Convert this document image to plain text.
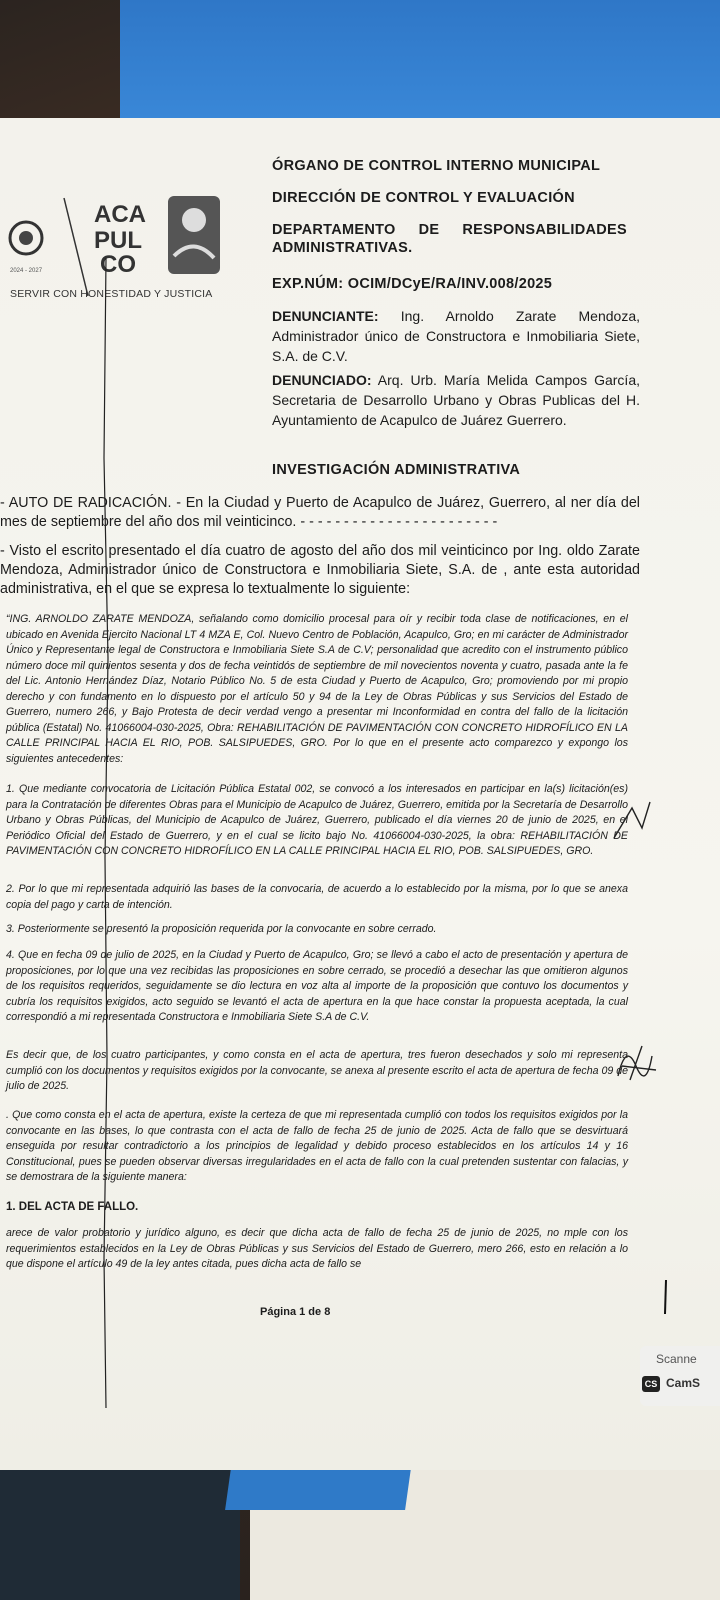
ACA
PUL
CO
2024 - 2027
SERVIR CON HONESTIDAD Y JUSTICIA
ÓRGANO DE CONTROL INTERNO MUNICIPAL
DIRECCIÓN DE CONTROL Y EVALUACIÓN
DEPARTAMENTO DE RESPONSABILIDADES
ADMINISTRATIVAS.
EXP.NÚM: OCIM/DCyE/RA/INV.008/2025
DENUNCIANTE: Ing. Arnoldo Zarate Mendoza, Administrador único de Constructora e Inmobiliaria Siete, S.A. de C.V.
DENUNCIADO: Arq. Urb. María Melida Campos García, Secretaria de Desarrollo Urbano y Obras Publicas del H. Ayuntamiento de Acapulco de Juárez Guerrero.
INVESTIGACIÓN ADMINISTRATIVA
- AUTO DE RADICACIÓN. - En la Ciudad y Puerto de Acapulco de Juárez, Guerrero, al ner día del mes de septiembre del año dos mil veinticinco. - - - - - - - - - - - - - - - - - - - - - - -
- Visto el escrito presentado el día cuatro de agosto del año dos mil veinticinco por Ing. oldo Zarate Mendoza, Administrador único de Constructora e Inmobiliaria Siete, S.A. de , ante esta autoridad administrativa, en el que se expresa lo textualmente lo siguiente:
“ING. ARNOLDO ZARATE MENDOZA, señalando como domicilio procesal para oír y recibir toda clase de notificaciones, en el ubicado en Avenida Ejercito Nacional LT 4 MZA E, Col. Nuevo Centro de Población, Acapulco, Gro; en mi carácter de Administrador Único y Representante legal de Constructora e Inmobiliaria Siete S.A de C.V; personalidad que acredito con el instrumento público número doce mil quinientos sesenta y dos de fecha veintidós de septiembre de mil novecientos noventa y cuatro, pasada ante la fe del Lic. Antonio Hernández Díaz, Notario Público No. 5 de esta Ciudad y Puerto de Acapulco, Gro; promoviendo por mi propio derecho y con fundamento en lo dispuesto por el artículo 50 y 94 de la Ley de Obras Públicas y sus Servicios del Estado de Guerrero, numero 266, y Bajo Protesta de decir verdad vengo a presentar mi Inconformidad en contra del fallo de la licitación pública (Estatal) No. 41066004-030-2025, Obra: REHABILITACIÓN DE PAVIMENTACIÓN CON CONCRETO HIDROFÍLICO EN LA CALLE PRINCIPAL HACIA EL RIO, POB. SALSIPUEDES, GRO. Por lo que en el presente acto comparezco y expongo los siguientes antecedentes:
1. Que mediante convocatoria de Licitación Pública Estatal 002, se convocó a los interesados en participar en la(s) licitación(es) para la Contratación de diferentes Obras para el Municipio de Acapulco de Juárez, Guerrero, emitida por la Secretaría de Desarrollo Urbano y Obras Públicas, del Municipio de Acapulco de Juárez, Guerrero, publicado el día viernes 20 de junio de 2025, en el Periódico Oficial del Estado de Guerrero, y en el cual se licito bajo No. 41066004-030-2025, la obra: REHABILITACIÓN DE PAVIMENTACIÓN CON CONCRETO HIDROFÍLICO EN LA CALLE PRINCIPAL HACIA EL RIO, POB. SALSIPUEDES, GRO.
2. Por lo que mi representada adquirió las bases de la convocaria, de acuerdo a lo establecido por la misma, por lo que se anexa copia del pago y carta de intención.
3. Posteriormente se presentó la proposición requerida por la convocante en sobre cerrado.
4. Que en fecha 09 de julio de 2025, en la Ciudad y Puerto de Acapulco, Gro; se llevó a cabo el acto de presentación y apertura de proposiciones, por lo que una vez recibidas las proposiciones en sobre cerrado, se procedió a desechar las que omitieron algunos de los requisitos requeridos, seguidamente se dio lectura en voz alta al importe de la proposición que contuvo los documentos y cubría los requisitos exigidos, acto seguido se levantó el acta de apertura en la que hace constar la propuesta aceptada, la cual correspondió a mi representada Constructora e Inmobiliaria Siete S.A de C.V.
Es decir que, de los cuatro participantes, y como consta en el acta de apertura, tres fueron desechados y solo mi representa cumplió con los documentos y requisitos exigidos por la convocante, se anexa al presente escrito el acta de apertura de fecha 09 de julio de 2025.
. Que como consta en el acta de apertura, existe la certeza de que mi representada cumplió con todos los requisitos exigidos por la convocante en las bases, lo que contrasta con el acta de fallo de fecha 25 de junio de 2025. Acta de fallo que se desvirtuará enseguida por resultar contradictorio a los principios de legalidad y debido proceso establecidos en los artículos 14 y 16 Constitucional, pues se pueden observar diversas irregularidades en el acta de fallo con la cual pretenden sustentar con falacias, y se demostrara de la siguiente manera:
1. DEL ACTA DE FALLO.
arece de valor probatorio y jurídico alguno, es decir que dicha acta de fallo de fecha 25 de junio de 2025, no mple con los requerimientos establecidos en la Ley de Obras Públicas y sus Servicios del Estado de Guerrero, mero 266, esto en relación a lo que dispone el artículo 49 de la ley antes citada, pues dicha acta de fallo se
Página 1 de 8
Scanne
CS CamS
